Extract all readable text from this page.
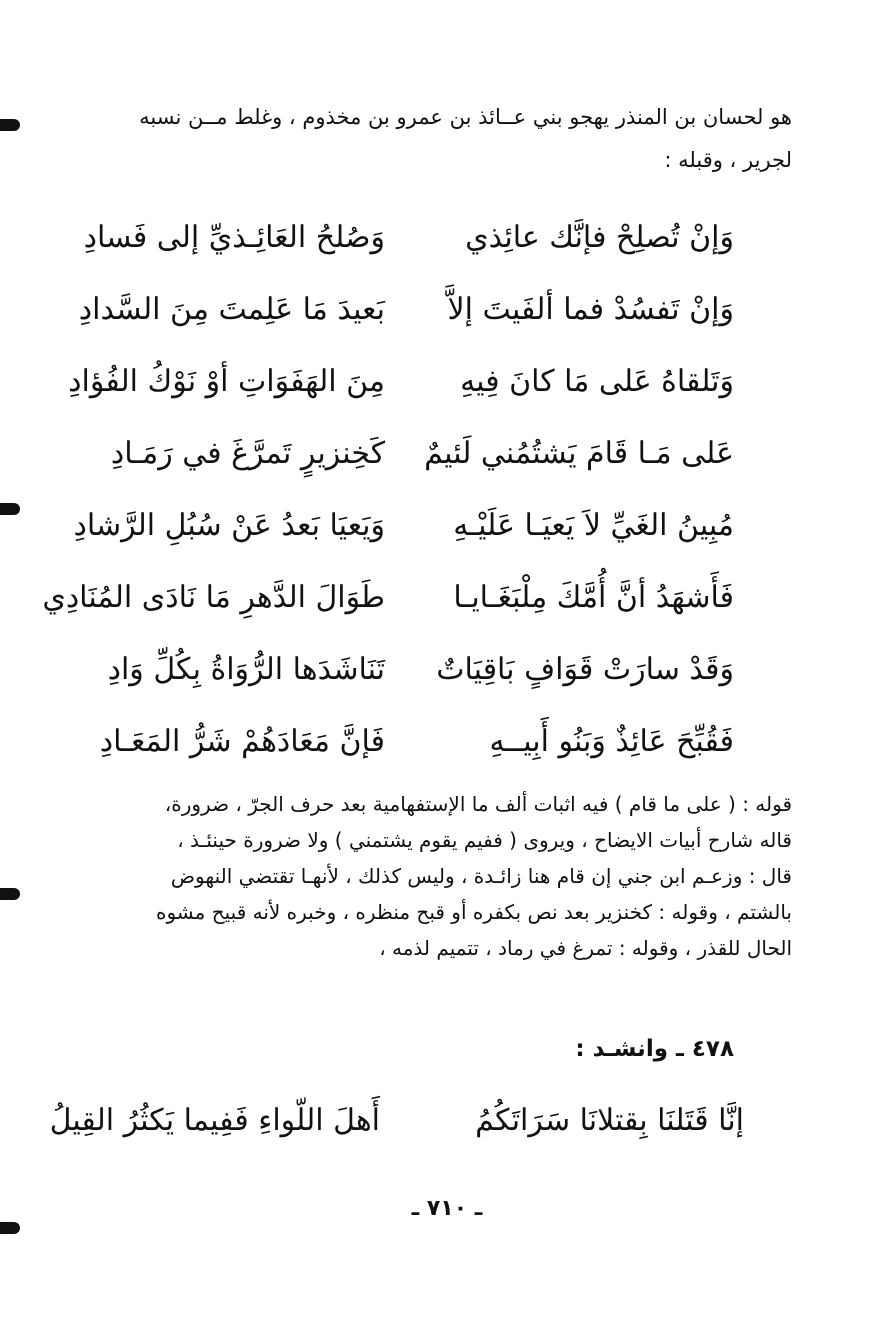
هو لحسان بن المنذر يهجو بني عــائذ بن عمرو بن مخذوم ، وغلط مــن نسبه

لجرير ، وقبله :

وَإنْ تُصلِحْ فإنَّك عائِذي
وَصُلحُ العَائِـذيِّ إلى فَسادِ
وَإنْ تَفسُدْ فما ألفَيتَ إلاَّ
بَعيدَ مَا عَلِمتَ مِنَ السَّدادِ
وَتَلقاهُ عَلى مَا كانَ فِيهِ
مِنَ الهَفَوَاتِ أوْ نَوْكُ الفُؤادِ
عَلى مَـا قَامَ يَشتُمُني لَئيمٌ
كَخِنزيرٍ تَمرَّغَ في رَمَـادِ
مُبِينُ الغَيِّ لاَ يَعيَـا عَلَيْـهِ
وَيَعيَا بَعدُ عَنْ سُبُلِ الرَّشادِ
فَأَشهَدُ أنَّ أُمَّكَ مِلْبَغَـايـا
طَوَالَ الدَّهرِ مَا نَادَى المُنَادِي
وَقَدْ سارَتْ قَوَافٍ بَاقِيَاتٌ
تَنَاشَدَها الرُّوَاةُ بِكُلِّ وَادِ
فَقُبِّحَ عَائِذٌ وَبَنُو أَبِيــهِ
فَإنَّ مَعَادَهُمْ شَرُّ المَعَـادِ

قوله : ( على ما قام ) فيه اثبات ألف ما الإستفهامية بعد حرف الجرّ ، ضرورة،

قاله شارح أبيات الايضاح ، ويروى ( ففيم يقوم يشتمني ) ولا ضرورة حينئـذ ،

قال : وزعـم ابن جني إن قام هنا زائـدة ، وليس كذلك ، لأنهـا تقتضي النهوض

بالشتم ، وقوله : كخنزير بعد نص بكفره أو قبح منظره ، وخبره لأنه قبيح مشوه

الحال للقذر ، وقوله : تمرغ في رماد ، تتميم لذمه ،

٤٧٨ ـ وانشـد :
إنَّا قَتَلنَا بِقتلانَا سَرَاتَكُمُ
أَهلَ اللّواءِ فَفِيما يَكثُرُ القِيلُ
ـ ٧١٠ ـ
